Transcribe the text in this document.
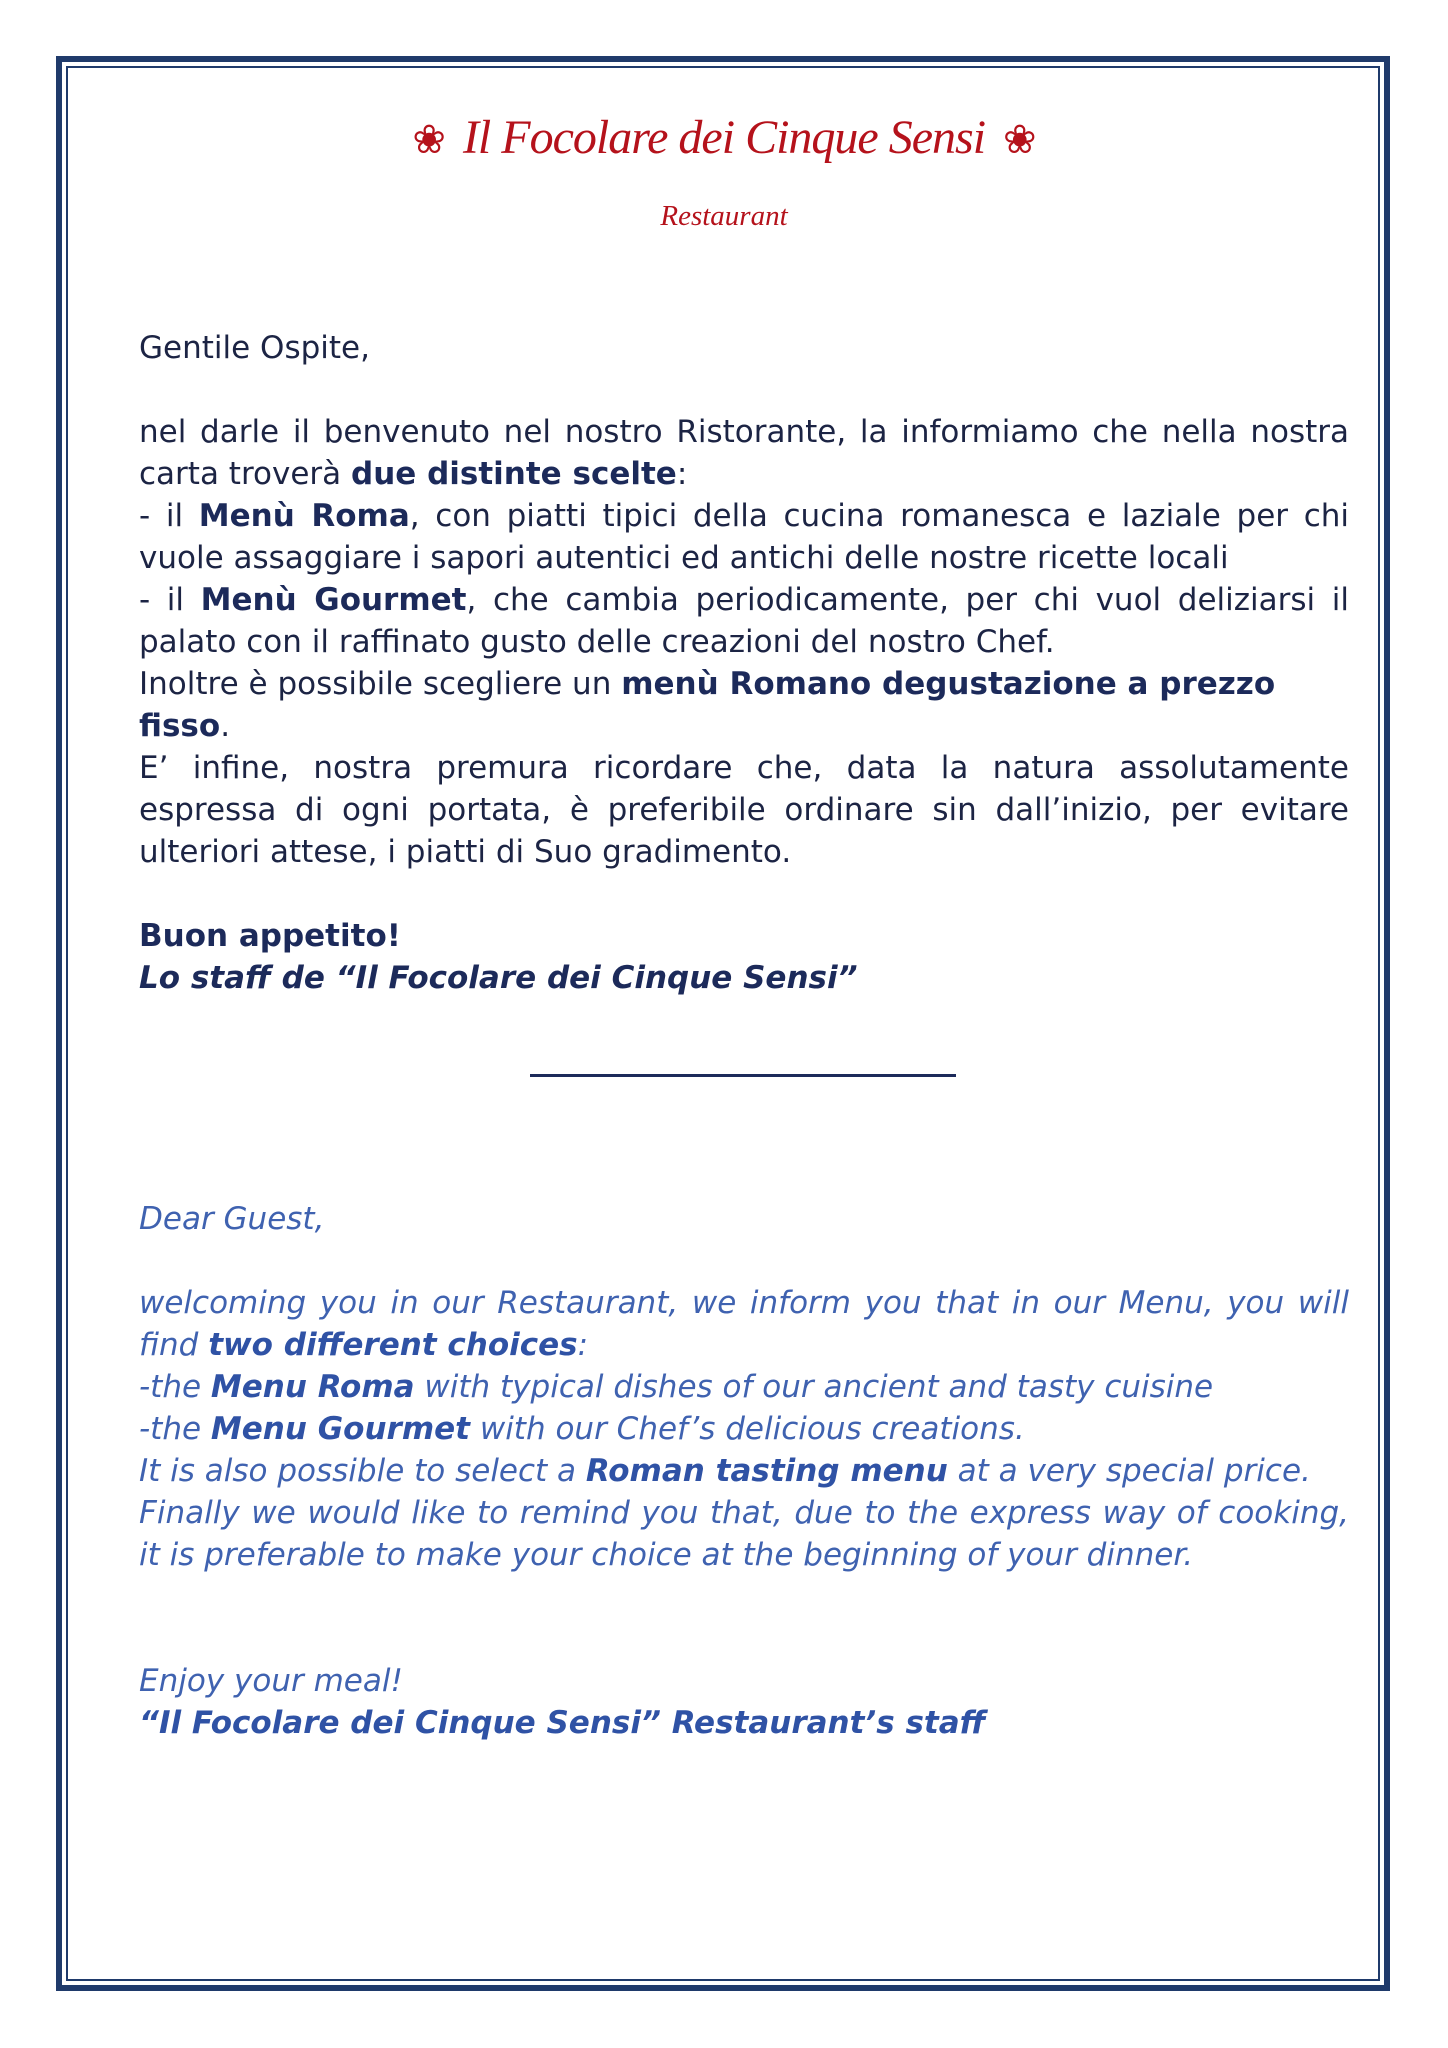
❀ Il Focolare dei Cinque Sensi ❀
Restaurant

Gentile Ospite,

nel darle il benvenuto nel nostro Ristorante, la informiamo che nella nostra carta troverà due distinte scelte:

- il Menù Roma, con piatti tipici della cucina romanesca e laziale per chi vuole assaggiare i sapori autentici ed antichi delle nostre ricette locali

- il Menù Gourmet, che cambia periodicamente, per chi vuol deliziarsi il palato con il raffinato gusto delle creazioni del nostro Chef.

Inoltre è possibile scegliere un menù Romano degustazione a prezzo fisso.

E’ infine, nostra premura ricordare che, data la natura assolutamente espressa di ogni portata, è preferibile ordinare sin dall’inizio, per evitare ulteriori attese, i piatti di Suo gradimento.

Buon appetito!

Lo staff de “Il Focolare dei Cinque Sensi”

Dear Guest,

welcoming you in our Restaurant, we inform you that in our Menu, you will find two different choices:

-the Menu Roma with typical dishes of our ancient and tasty cuisine

-the Menu Gourmet with our Chef’s delicious creations.

It is also possible to select a Roman tasting menu at a very special price.

Finally we would like to remind you that, due to the express way of cooking, it is preferable to make your choice at the beginning of your dinner.

Enjoy your meal!

“Il Focolare dei Cinque Sensi” Restaurant’s staff
